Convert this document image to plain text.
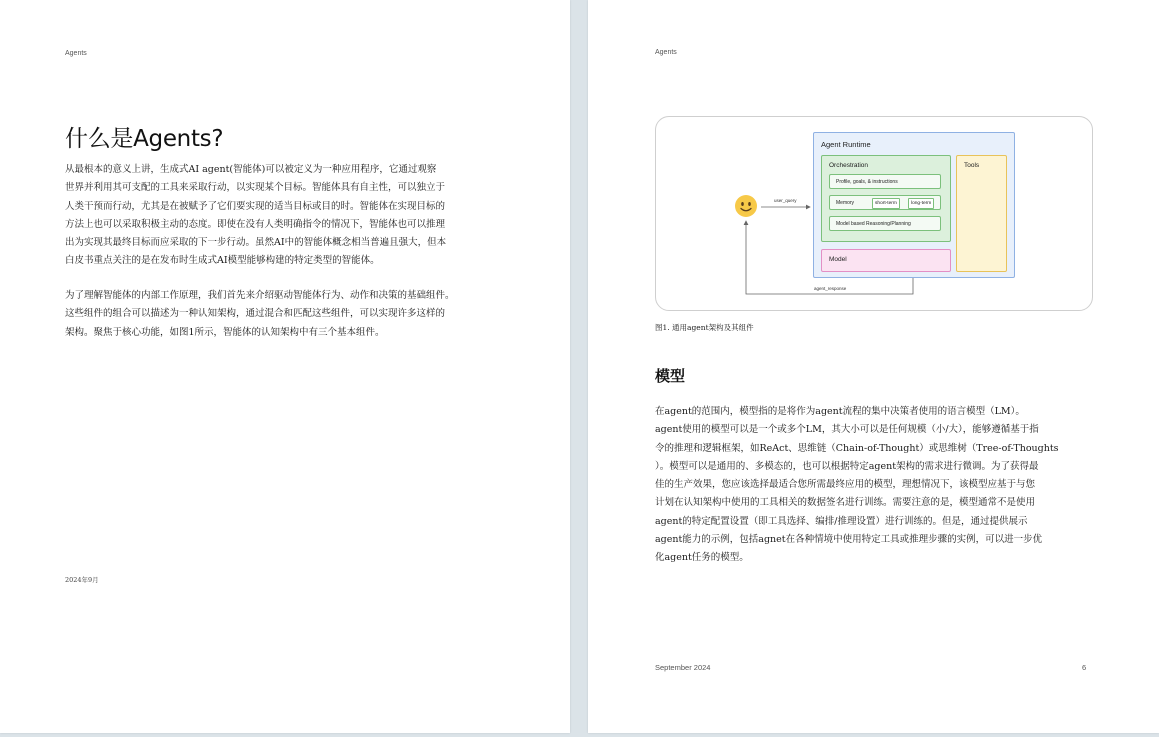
Agents
什么是Agents?

从最根本的意义上讲，生成式AI agent(智能体)可以被定义为一种应用程序，它通过观察
世界并利用其可支配的工具来采取行动，以实现某个目标。智能体具有自主性，可以独立于
人类干预而行动，尤其是在被赋予了它们要实现的适当目标或目的时。智能体在实现目标的
方法上也可以采取积极主动的态度。即使在没有人类明确指令的情况下，智能体也可以推理
出为实现其最终目标而应采取的下一步行动。虽然AI中的智能体概念相当普遍且强大，但本
白皮书重点关注的是在发布时生成式AI模型能够构建的特定类型的智能体。

为了理解智能体的内部工作原理，我们首先来介绍驱动智能体行为、动作和决策的基础组件。
这些组件的组合可以描述为一种认知架构，通过混合和匹配这些组件，可以实现许多这样的
架构。聚焦于核心功能，如图1所示，智能体的认知架构中有三个基本组件。

2024年9月
Agents
user_query
agent_response
Agent Runtime
Orchestration
Profile, goals, & instructions
Memory	short-term	long-term
Model based Reasoning/Planning
Tools
Model
图1. 通用agent架构及其组件
模型

在agent的范围内，模型指的是将作为agent流程的集中决策者使用的语言模型（LM）。
agent使用的模型可以是一个或多个LM，其大小可以是任何规模（小/大），能够遵循基于指
令的推理和逻辑框架，如ReAct、思维链（Chain-of-Thought）或思维树（Tree-of-Thoughts
）。模型可以是通用的、多模态的，也可以根据特定agent架构的需求进行微调。为了获得最
佳的生产效果，您应该选择最适合您所需最终应用的模型，理想情况下，该模型应基于与您
计划在认知架构中使用的工具相关的数据签名进行训练。需要注意的是，模型通常不是使用
agent的特定配置设置（即工具选择、编排/推理设置）进行训练的。但是，通过提供展示
agent能力的示例，包括agnet在各种情境中使用特定工具或推理步骤的实例，可以进一步优
化agent任务的模型。

September 2024	6
